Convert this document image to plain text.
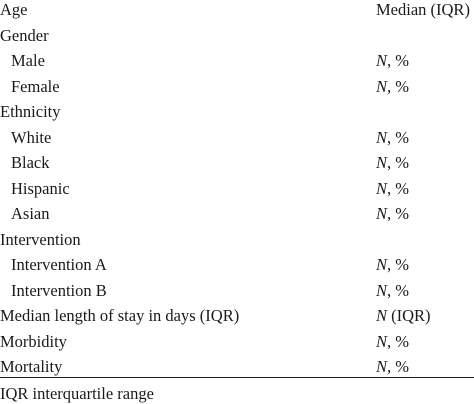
Age	Median (IQR)
Gender
Male	N, %
Female	N, %
Ethnicity
White	N, %
Black	N, %
Hispanic	N, %
Asian	N, %
Intervention
Intervention A	N, %
Intervention B	N, %
Median length of stay in days (IQR)	N (IQR)
Morbidity	N, %
Mortality	N, %
IQR interquartile range
